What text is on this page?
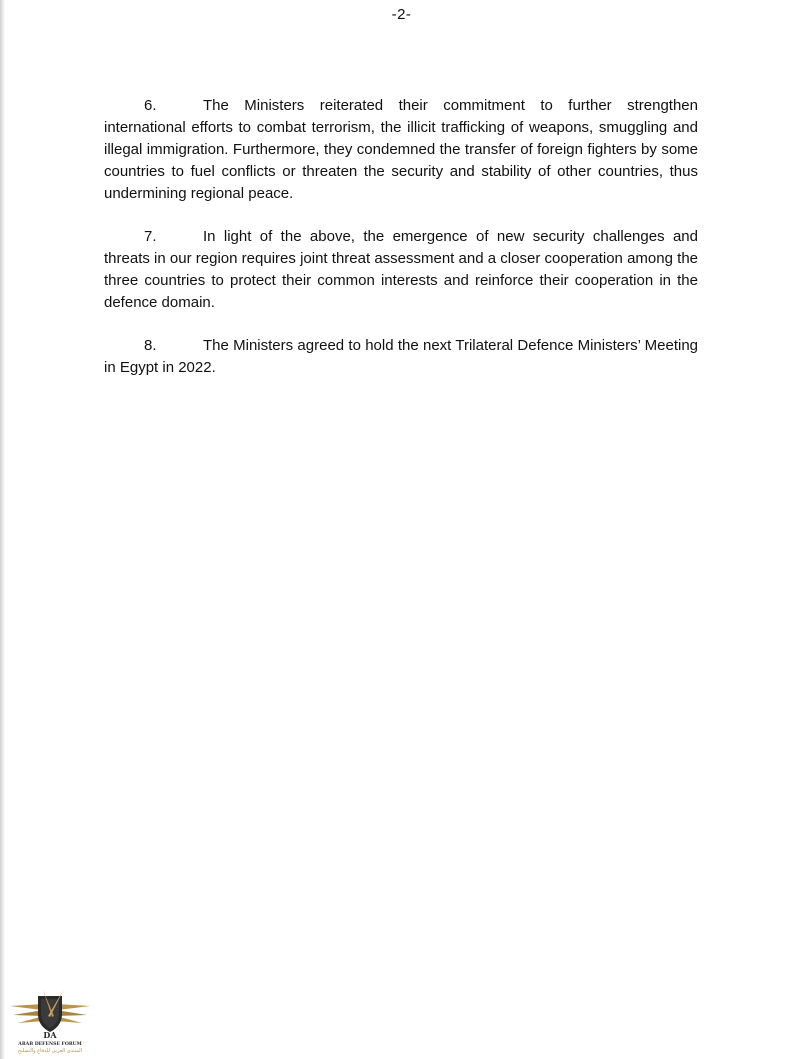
-2-

6.	The Ministers reiterated their commitment to further strengthen international efforts to combat terrorism, the illicit trafficking of weapons, smuggling and illegal immigration. Furthermore, they condemned the transfer of foreign fighters by some countries to fuel conflicts or threaten the security and stability of other countries, thus undermining regional peace.

7.	In light of the above, the emergence of new security challenges and threats in our region requires joint threat assessment and a closer cooperation among the three countries to protect their common interests and reinforce their cooperation in the defence domain.

8.	The Ministers agreed to hold the next Trilateral Defence Ministers’ Meeting in Egypt in 2022.

DA
ARAB DEFENSE FORUM
المنتدى العربي للدفاع والتسليح
